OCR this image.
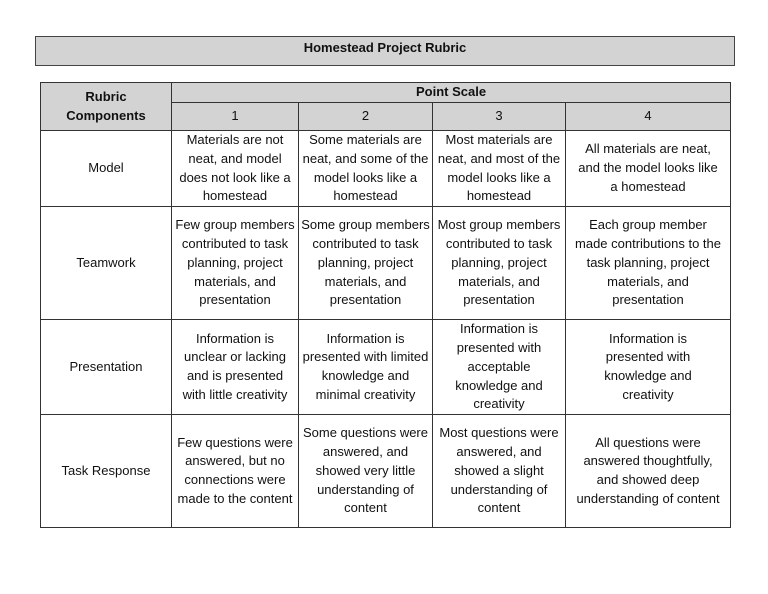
Homestead Project Rubric
Rubric Components	Point Scale			
	1	2	3	4
Model	Materials are not neat, and model does not look like a homestead	Some materials are neat, and some of the model looks like a homestead	Most materials are neat, and most of the model looks like a homestead	All materials are neat, and the model looks like a homestead
Teamwork	Few group members contributed to task planning, project materials, and presentation	Some group members contributed to task planning, project materials, and presentation	Most group members contributed to task planning, project materials, and presentation	Each group member made contributions to the task planning, project materials, and presentation
Presentation	Information is unclear or lacking and is presented with little creativity	Information is presented with limited knowledge and minimal creativity	Information is presented with acceptable knowledge and creativity	Information is presented with knowledge and creativity
Task Response	Few questions were answered, but no connections were made to the content	Some questions were answered, and showed very little understanding of content	Most questions were answered, and showed a slight understanding of content	All questions were answered thoughtfully, and showed deep understanding of content
